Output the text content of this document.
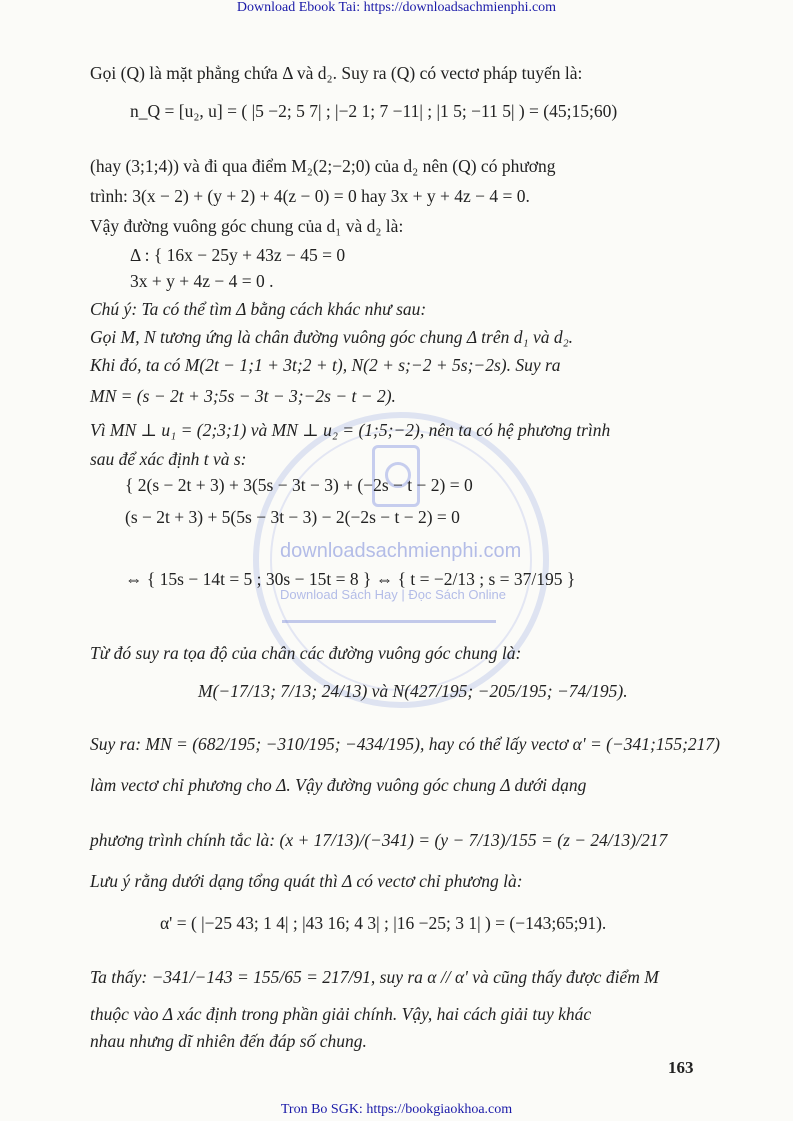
Download Ebook Tai: https://downloadsachmienphi.com
downloadsachmienphi.com
Download Sách Hay | Đọc Sách Online
Gọi (Q) là mặt phẳng chứa Δ và d₂. Suy ra (Q) có vectơ pháp tuyến là:
n_Q = [u₂, u] = ( |5 −2; 5 7| ; |−2 1; 7 −11| ; |1 5; −11 5| ) = (45;15;60)
(hay (3;1;4)) và đi qua điểm M₂(2;−2;0) của d₂ nên (Q) có phương
trình: 3(x − 2) + (y + 2) + 4(z − 0) = 0 hay 3x + y + 4z − 4 = 0.
Vậy đường vuông góc chung của d₁ và d₂ là:
Δ : { 16x − 25y + 43z − 45 = 0
3x + y + 4z − 4 = 0 .
Chú ý: Ta có thể tìm Δ bằng cách khác như sau:
Gọi M, N tương ứng là chân đường vuông góc chung Δ trên d₁ và d₂.
Khi đó, ta có M(2t − 1;1 + 3t;2 + t), N(2 + s;−2 + 5s;−2s). Suy ra
MN = (s − 2t + 3;5s − 3t − 3;−2s − t − 2).
Vì MN ⊥ u₁ = (2;3;1) và MN ⊥ u₂ = (1;5;−2), nên ta có hệ phương trình
sau để xác định t và s:
{ 2(s − 2t + 3) + 3(5s − 3t − 3) + (−2s − t − 2) = 0
(s − 2t + 3) + 5(5s − 3t − 3) − 2(−2s − t − 2) = 0
⇔ { 15s − 14t = 5 ; 30s − 15t = 8 } ⇔ { t = −2/13 ; s = 37/195 }
Từ đó suy ra tọa độ của chân các đường vuông góc chung là:
M(−17/13; 7/13; 24/13) và N(427/195; −205/195; −74/195).
Suy ra: MN = (682/195; −310/195; −434/195), hay có thể lấy vectơ α' = (−341;155;217)
làm vectơ chỉ phương cho Δ. Vậy đường vuông góc chung Δ dưới dạng
phương trình chính tắc là: (x + 17/13)/(−341) = (y − 7/13)/155 = (z − 24/13)/217
Lưu ý rằng dưới dạng tổng quát thì Δ có vectơ chỉ phương là:
α' = ( |−25 43; 1 4| ; |43 16; 4 3| ; |16 −25; 3 1| ) = (−143;65;91).
Ta thấy: −341/−143 = 155/65 = 217/91, suy ra α // α' và cũng thấy được điểm M
thuộc vào Δ xác định trong phần giải chính. Vậy, hai cách giải tuy khác
nhau nhưng dĩ nhiên đến đáp số chung.
163
Tron Bo SGK: https://bookgiaokhoa.com
